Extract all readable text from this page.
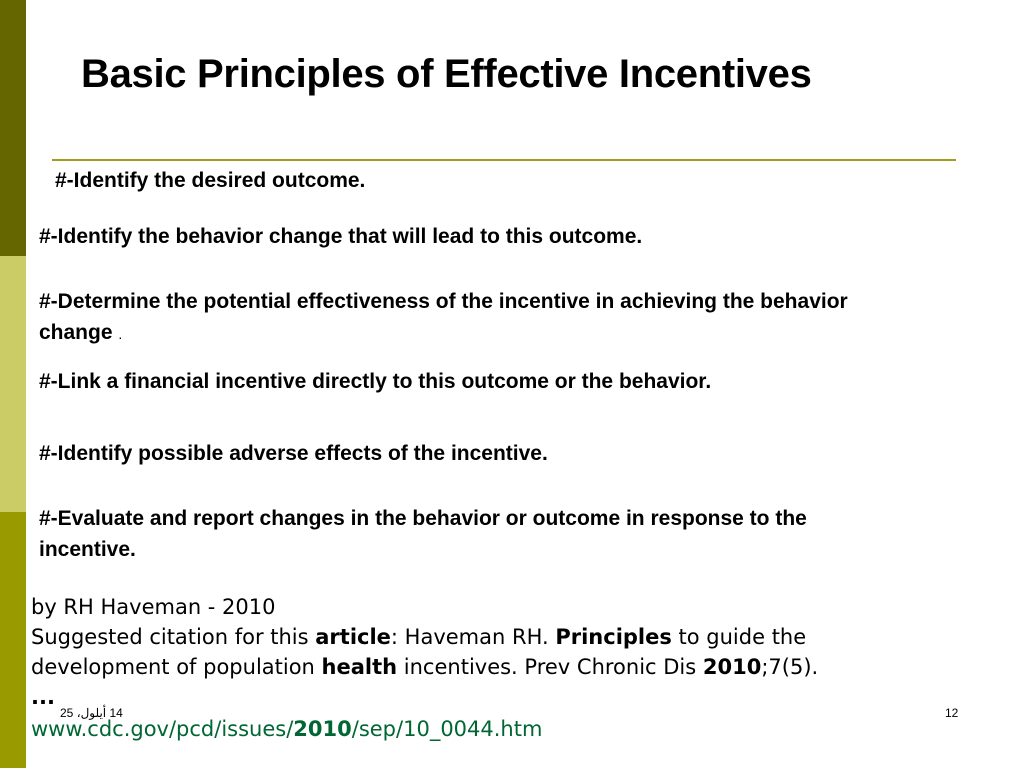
Basic Principles of Effective Incentives
#-Identify the desired outcome.
#-Identify the behavior change that will lead to this outcome.
#-Determine the potential effectiveness of the incentive in achieving the behavior
change .
#-Link a financial incentive directly to this outcome or the behavior.
#-Identify possible adverse effects of the incentive.
#-Evaluate and report changes in the behavior or outcome in response to the
incentive.
by RH Haveman - 2010
Suggested citation for this article: Haveman RH. Principles to guide the
development of population health incentives. Prev Chronic Dis 2010;7(5).
...
www.cdc.gov/pcd/issues/2010/sep/10_0044.htm
14 أيلول، 25	12
